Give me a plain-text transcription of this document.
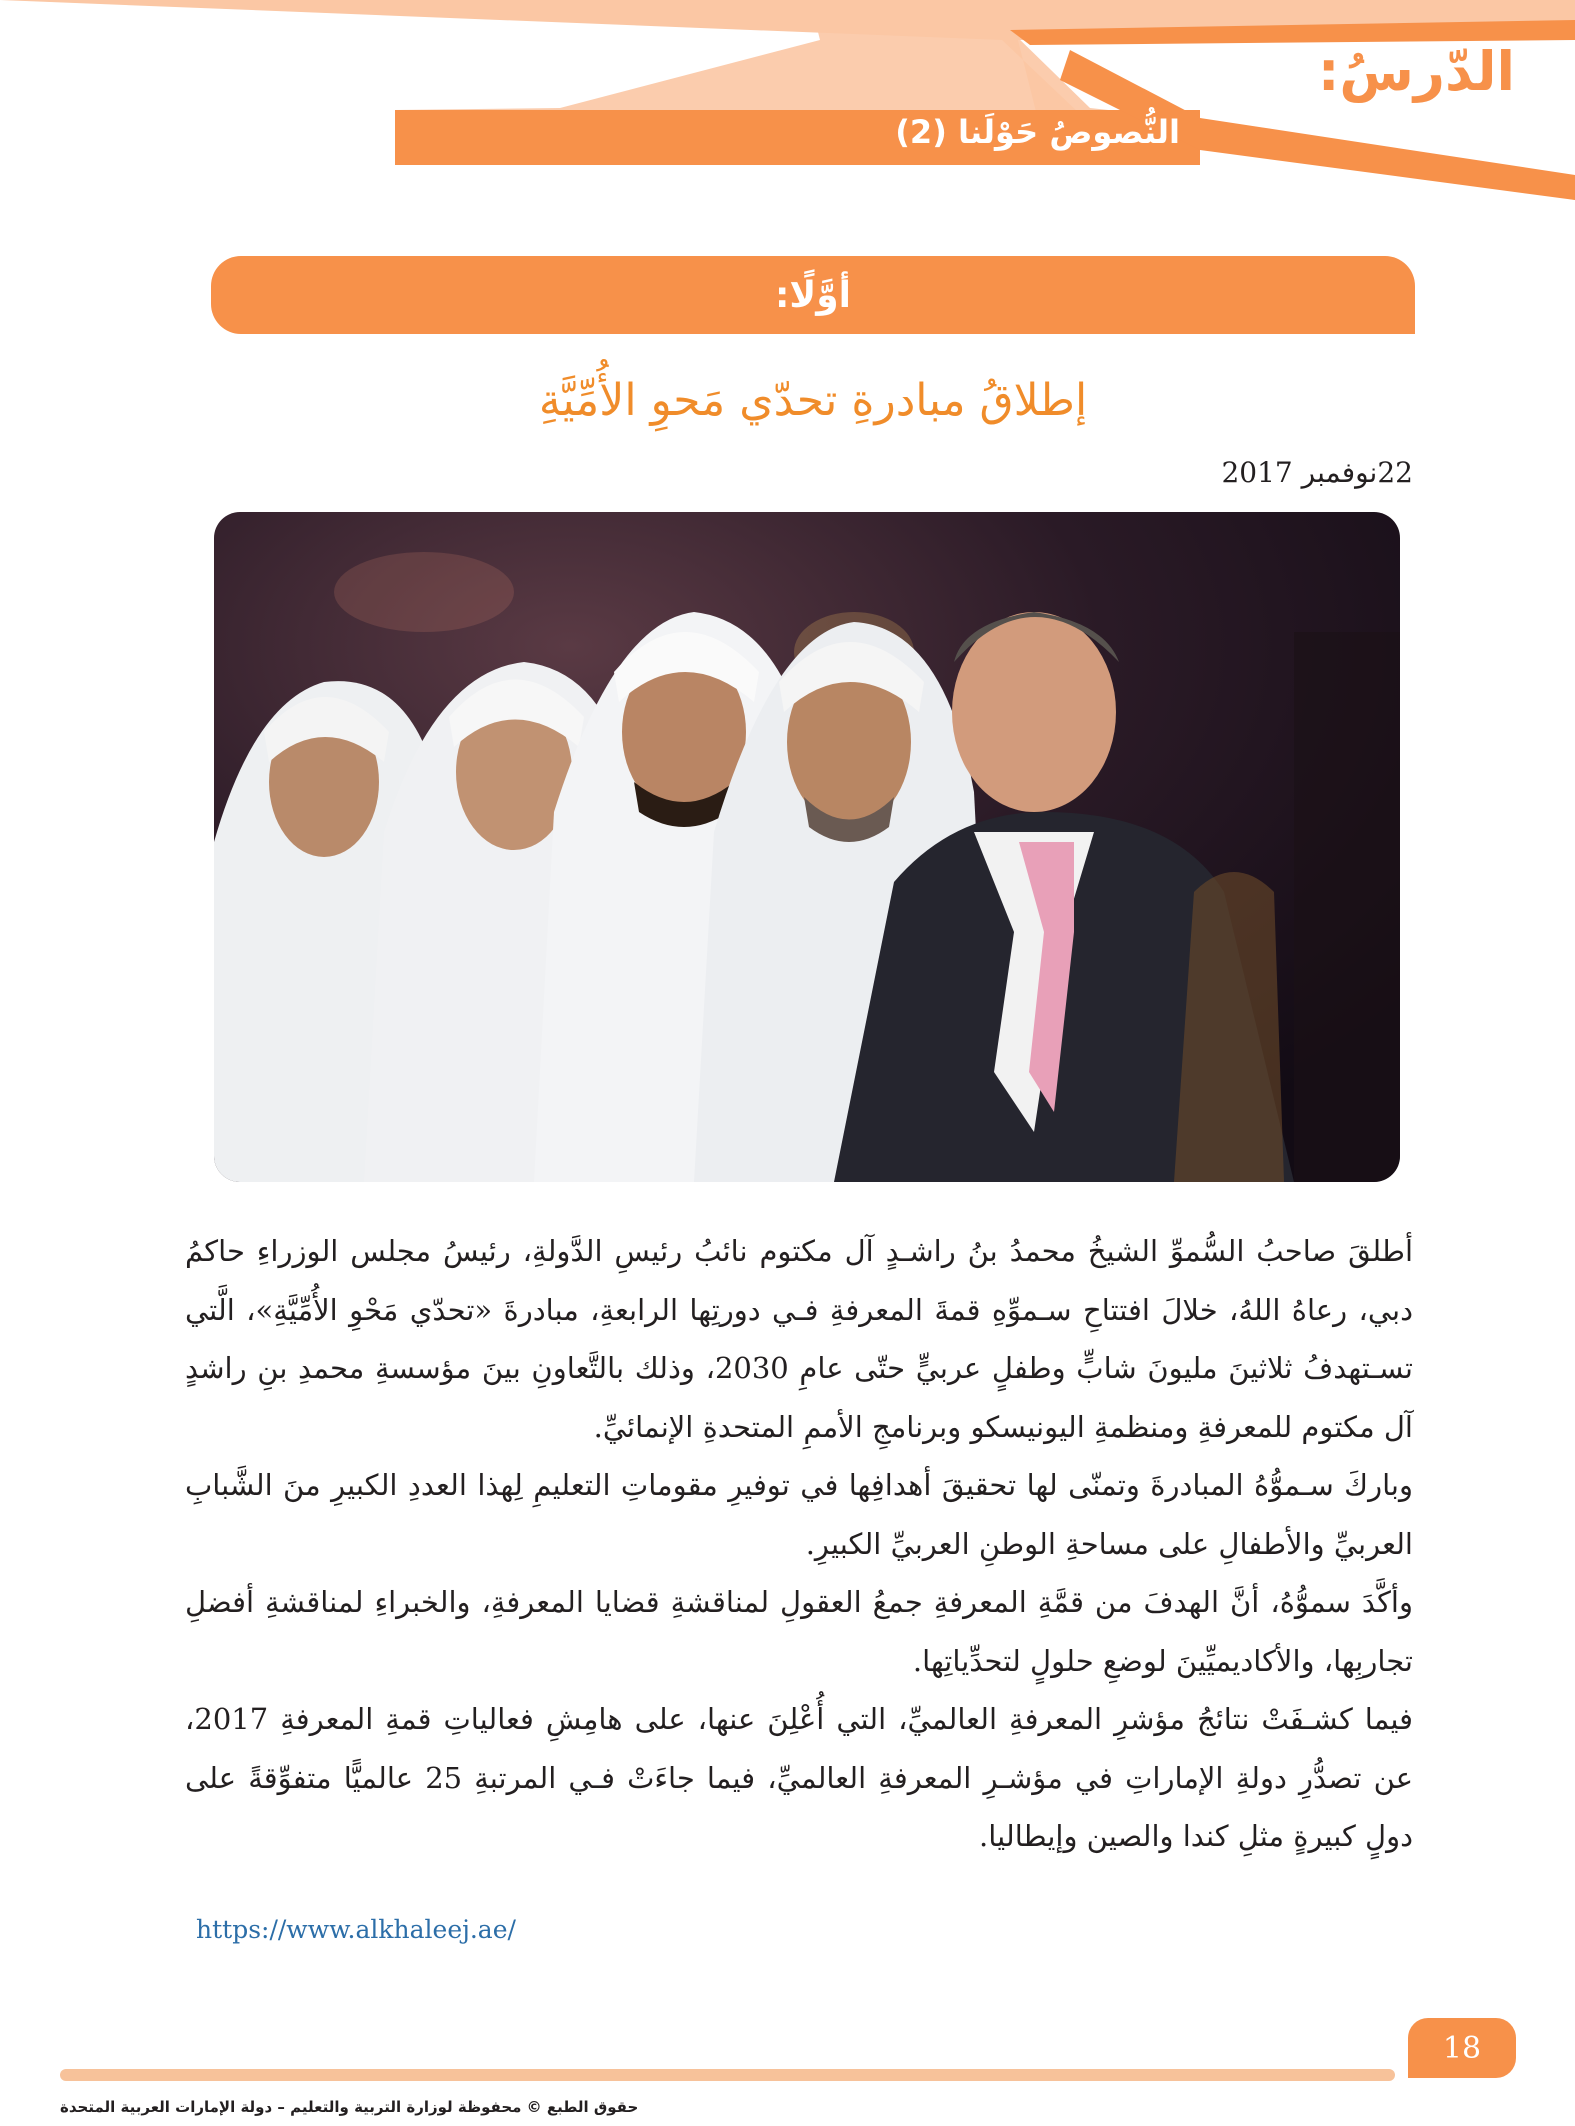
الدّرسُ:
النُّصوصُ حَوْلَنا (2)
أوَّلًا:
إطلاقُ مبادرةِ تحدّي مَحوِ الأُمِّيَّةِ
22نوفمبر 2017

أطلقَ صاحبُ السُّموِّ الشيخُ محمدُ بنُ راشـدٍ آل مكتوم نائبُ رئيسِ الدَّولةِ، رئيسُ مجلس الوزراءِ حاكمُ دبي، رعاهُ اللهُ، خلالَ افتتاحِ سـموِّهِ قمةَ المعرفةِ فـي دورتِها الرابعةِ، مبادرةَ «تحدّي مَحْوِ الأُمِّيَّةِ»، الَّتي تسـتهدفُ ثلاثينَ مليونَ شابٍّ وطفلٍ عربيٍّ حتّى عامِ 2030، وذلك بالتَّعاونِ بينَ مؤسسةِ محمدِ بنِ راشدٍ آل مكتوم للمعرفةِ ومنظمةِ اليونيسكو وبرنامجِ الأممِ المتحدةِ الإنمائيِّ.

وباركَ سـموُّهُ المبادرةَ وتمنّى لها تحقيقَ أهدافِها في توفيرِ مقوماتِ التعليمِ لِهذا العددِ الكبيرِ منَ الشَّبابِ العربيِّ والأطفالِ على مساحةِ الوطنِ العربيِّ الكبيرِ.

وأكَّدَ سموُّهُ، أنَّ الهدفَ من قمَّةِ المعرفةِ جمعُ العقولِ لمناقشةِ قضايا المعرفةِ، والخبراءِ لمناقشةِ أفضلِ تجاربِها، والأكاديميِّينَ لوضعِ حلولٍ لتحدِّياتِها.

فيما كشـفَتْ نتائجُ مؤشرِ المعرفةِ العالميِّ، التي أُعْلِنَ عنها، على هامِشِ فعالياتِ قمةِ المعرفةِ 2017، عن تصدُّرِ دولةِ الإماراتِ في مؤشـرِ المعرفةِ العالميِّ، فيما جاءَتْ فـي المرتبةِ 25 عالميًّا متفوِّقةً على دولٍ كبيرةٍ مثلِ كندا والصين وإيطاليا.

https://www.alkhaleej.ae/
18
حقوق الطبع © محفوظة لوزارة التربية والتعليم – دولة الإمارات العربية المتحدة
